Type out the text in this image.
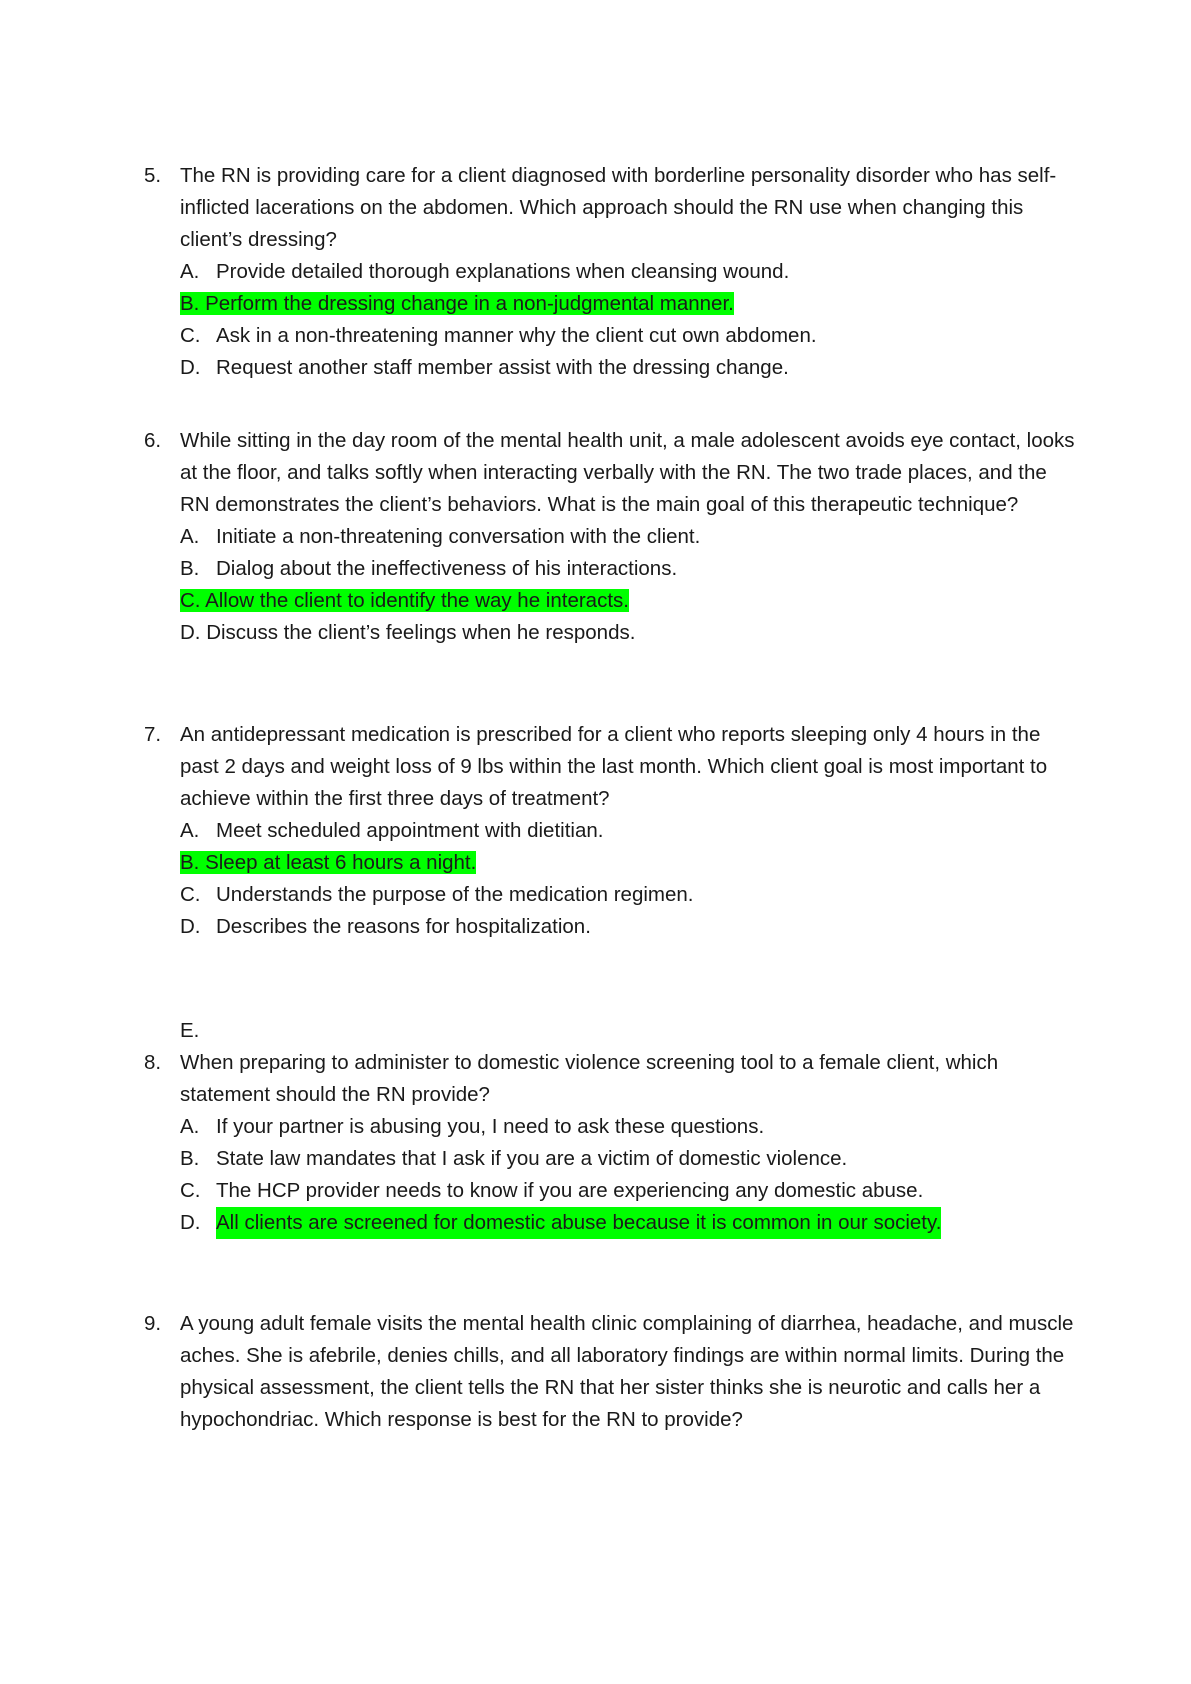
5. The RN is providing care for a client diagnosed with borderline personality disorder who has self-inflicted lacerations on the abdomen. Which approach should the RN use when changing this client’s dressing?
A. Provide detailed thorough explanations when cleansing wound.
B. Perform the dressing change in a non-judgmental manner.
C. Ask in a non-threatening manner why the client cut own abdomen.
D. Request another staff member assist with the dressing change.
6. While sitting in the day room of the mental health unit, a male adolescent avoids eye contact, looks at the floor, and talks softly when interacting verbally with the RN. The two trade places, and the RN demonstrates the client’s behaviors. What is the main goal of this therapeutic technique?
A. Initiate a non-threatening conversation with the client.
B. Dialog about the ineffectiveness of his interactions.
C. Allow the client to identify the way he interacts.
D. Discuss the client’s feelings when he responds.
7. An antidepressant medication is prescribed for a client who reports sleeping only 4 hours in the past 2 days and weight loss of 9 lbs within the last month. Which client goal is most important to achieve within the first three days of treatment?
A. Meet scheduled appointment with dietitian.
B. Sleep at least 6 hours a night.
C. Understands the purpose of the medication regimen.
D. Describes the reasons for hospitalization.
E.
8. When preparing to administer to domestic violence screening tool to a female client, which statement should the RN provide?
A. If your partner is abusing you, I need to ask these questions.
B. State law mandates that I ask if you are a victim of domestic violence.
C. The HCP provider needs to know if you are experiencing any domestic abuse.
D. All clients are screened for domestic abuse because it is common in our society.
9. A young adult female visits the mental health clinic complaining of diarrhea, headache, and muscle aches. She is afebrile, denies chills, and all laboratory findings are within normal limits. During the physical assessment, the client tells the RN that her sister thinks she is neurotic and calls her a hypochondriac. Which response is best for the RN to provide?
